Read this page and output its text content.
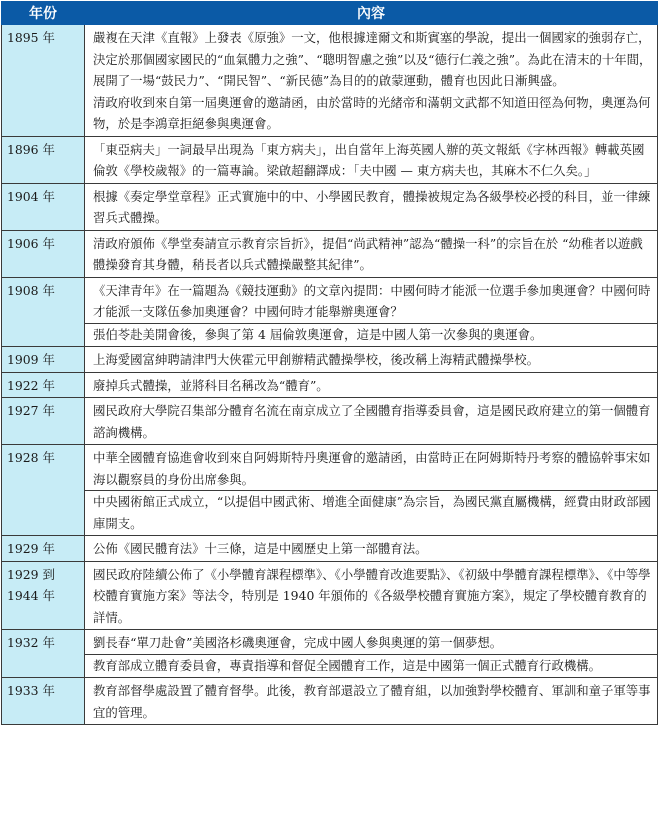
年份	內容
1895 年	嚴複在天津《直報》上發表《原強》一文，他根據達爾文和斯賓塞的學說，提出一個國家的強弱存亡，決定於那個國家國民的“血氣體力之強”、“聰明智慮之強”以及“德行仁義之強”。為此在清末的十年間，展開了一場“鼓民力”、“開民智”、“新民德”為目的的啟蒙運動，體育也因此日漸興盛。
清政府收到來自第一屆奧運會的邀請函，由於當時的光緒帝和滿朝文武都不知道田徑為何物，奧運為何物，於是李鴻章拒絕參與奧運會。

1896 年	「東亞病夫」一詞最早出現為「東方病夫」，出自當年上海英國人辦的英文報紙《字林西報》轉載英國倫敦《學校歲報》的一篇專論。梁啟超翻譯成：「夫中國 — 東方病夫也，其麻木不仁久矣。」

1904 年	根據《奏定學堂章程》正式實施中的中、小學國民教育，體操被規定為各級學校必授的科目，並一律練習兵式體操。

1906 年	清政府頒佈《學堂奏請宣示教育宗旨折》，提倡“尚武精神”認為“體操一科”的宗旨在於 “幼稚者以遊戲體操發育其身體，稍長者以兵式體操嚴整其紀律”。

1908 年	《天津青年》在一篇題為《競技運動》的文章內提問：中國何時才能派一位選手參加奧運會？中國何時才能派一支隊伍參加奧運會？中國何時才能舉辦奧運會？
張伯苓赴美開會後，參與了第 4 屆倫敦奧運會，這是中國人第一次參與的奧運會。

1909 年	上海愛國富紳聘請津門大俠霍元甲創辦精武體操學校，後改稱上海精武體操學校。

1922 年	廢掉兵式體操，並將科目名稱改為“體育”。

1927 年	國民政府大學院召集部分體育名流在南京成立了全國體育指導委員會，這是國民政府建立的第一個體育諮詢機構。

1928 年	中華全國體育協進會收到來自阿姆斯特丹奧運會的邀請函，由當時正在阿姆斯特丹考察的體協幹事宋如海以觀察員的身份出席參與。
中央國術館正式成立，“以提倡中國武術、增進全面健康”為宗旨，為國民黨直屬機構，經費由財政部國庫開支。

1929 年	公佈《國民體育法》十三條，這是中國歷史上第一部體育法。

1929 到
1944 年	國民政府陸續公佈了《小學體育課程標準》、《小學體育改進要點》、《初級中學體育課程標準》、《中等學校體育實施方案》等法令，特別是 1940 年頒佈的《各級學校體育實施方案》，規定了學校體育教育的詳情。

1932 年	劉長春“單刀赴會”美國洛杉磯奧運會，完成中國人參與奧運的第一個夢想。
教育部成立體育委員會，專責指導和督促全國體育工作，這是中國第一個正式體育行政機構。

1933 年	教育部督學處設置了體育督學。此後，教育部還設立了體育組，以加強對學校體育、軍訓和童子軍等事宜的管理。
